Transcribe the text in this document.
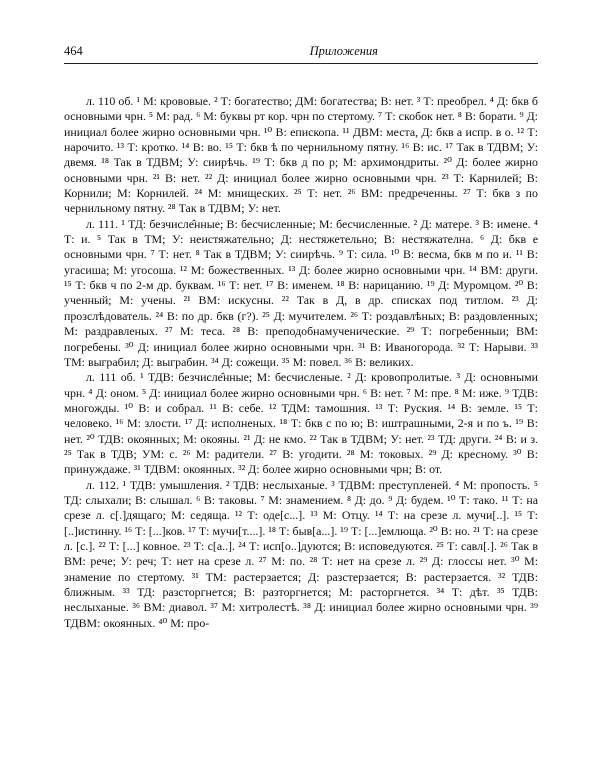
464	Приложения

л. 110 об. ¹ М: крововые. ² Т: богатество; ДМ: богатества; В: нет. ³ Т: преобрел. ⁴ Д: бкв б основными чрн. ⁵ М: рад. ⁶ М: буквы рт кор. чрн по стертому. ⁷ Т: скобок нет. ⁸ В: борати. ⁹ Д: инициал более жирно основными чрн. ¹⁰ В: епископа. ¹¹ ДВМ: места, Д: бкв а испр. в о. ¹² Т: нарочито. ¹³ Т: кротко. ¹⁴ В: во. ¹⁵ Т: бкв ѣ по чернильному пятну. ¹⁶ В: ис. ¹⁷ Так в ТДВМ; У: двемя. ¹⁸ Так в ТДВМ; У: сиирѣчь. ¹⁹ Т: бкв д по р; М: архимондриты. ²⁰ Д: более жирно основными чрн. ²¹ В: нет. ²² Д: инициал более жирно основными чрн. ²³ Т: Карнилей; В: Корнили; М: Корнилей. ²⁴ М: мнищеских. ²⁵ Т: нет. ²⁶ ВМ: предреченны. ²⁷ Т: бкв з по чернильному пятну. ²⁸ Так в ТДВМ; У: нет.

л. 111. ¹ ТД: безчисле̂нные; В: бесчисленные; М: бесчисленные. ² Д: матере. ³ В: имене. ⁴ Т: и. ⁵ Так в ТМ; У: неистяжательно; Д: нестяжетельно; В: нестяжателна. ⁶ Д: бкв е основными чрн. ⁷ Т: нет. ⁸ Так в ТДВМ; У: сиирѣчь. ⁹ Т: сила. ¹⁰ В: весма, бкв м по и. ¹¹ В: угасиша; М: угосоша. ¹² М: божественных. ¹³ Д: более жирно основными чрн. ¹⁴ ВМ: други. ¹⁵ Т: бкв ч по 2-м др. буквам. ¹⁶ Т: нет. ¹⁷ В: именем. ¹⁸ В: нарицанию. ¹⁹ Д: Муромцом. ²⁰ В: ученный; М: учены. ²¹ ВМ: искусны. ²² Так в Д, в др. списках под титлом. ²³ Д: прозслѣдователь. ²⁴ В: по др. бкв (г?). ²⁵ Д: мучителем. ²⁶ Т: роздавлѣных; В: раздовленных; М: раздравленых. ²⁷ М: теса. ²⁸ В: преподобнамученическиe. ²⁹ Т: погребенныи; ВМ: погребены. ³⁰ Д: инициал более жирно основными чрн. ³¹ В: Иваногорода. ³² Т: Нарыви. ³³ ТМ: выграбил; Д: выграбин. ³⁴ Д: сожещи. ³⁵ М: повел. ³⁶ В: великих.

л. 111 об. ¹ ТДВ: безчисле̂нные; М: бесчисленые. ² Д: кровопролитые. ³ Д: основными чрн. ⁴ Д: оном. ⁵ Д: инициал более жирно основными чрн. ⁶ В: нет. ⁷ М: пре. ⁸ М: иже. ⁹ ТДВ: многожды. ¹⁰ В: и собрал. ¹¹ В: себе. ¹² ТДМ: тамошния. ¹³ Т: Руския. ¹⁴ В: земле. ¹⁵ Т: человеко. ¹⁶ М: злости. ¹⁷ Д: исполненых. ¹⁸ Т: бкв с по ю; В: иштрашными, 2-я и по ъ. ¹⁹ В: нет. ²⁰ ТДВ: окоянных; М: окояны. ²¹ Д: не кмо. ²² Так в ТДВМ; У: нет. ²³ ТД: други. ²⁴ В: и з. ²⁵ Так в ТДВ; УМ: с. ²⁶ М: радители. ²⁷ В: угодити. ²⁸ М: токовых. ²⁹ Д: кресному. ³⁰ В: принуждаже. ³¹ ТДВМ: окоянных. ³² Д: более жирно основными чрн; В: от.

л. 112. ¹ ТДВ: умышления. ² ТДВ: неслыханые. ³ ТДВМ: преступленей. ⁴ М: пропость. ⁵ ТД: слыхали; В: слышал. ⁶ В: таковы. ⁷ М: знамением. ⁸ Д: до. ⁹ Д: будем. ¹⁰ Т: тако. ¹¹ Т: на срезе л. с[.]дящаго; М: седяща. ¹² Т: оде[с...]. ¹³ М: Отцу. ¹⁴ Т: на срезе л. мучи[..]. ¹⁵ Т: [..]истинну. ¹⁶ Т: [...]ков. ¹⁷ Т: мучи[т....]. ¹⁸ Т: быв[а...]. ¹⁹ Т: [...]емлюща. ²⁰ В: но. ²¹ Т: на срезе л. [с.]. ²² Т: [...] ковное. ²³ Т: с[а..]. ²⁴ Т: исп[о..]дуются; В: исповедуются. ²⁵ Т: савл[.]. ²⁶ Так в ВМ: рече; У: реч; Т: нет на срезе л. ²⁷ М: по. ²⁸ Т: нет на срезе л. ²⁹ Д: глоссы нет. ³⁰ М: знамение по стертому. ³¹ ТМ: растерзается; Д: разстерзается; В: растерзается. ³² ТДВ: ближным. ³³ ТД: разсторгнется; В: разторгнется; М: расторгнется. ³⁴ Т: дѣт. ³⁵ ТДВ: неслыханые. ³⁶ ВМ: диавол. ³⁷ М: хитролестѣ. ³⁸ Д: инициал более жирно основными чрн. ³⁹ ТДВМ: окоянных. ⁴⁰ М: про-
